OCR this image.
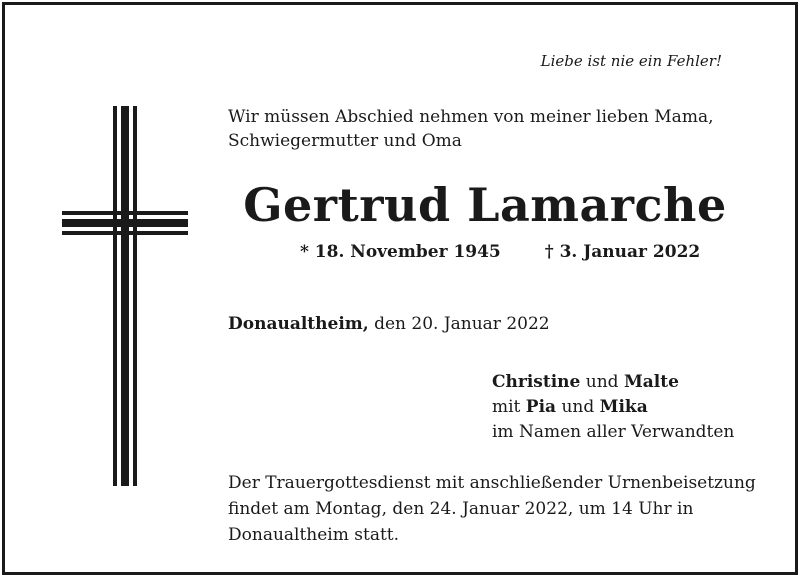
Liebe ist nie ein Fehler!
Wir müssen Abschied nehmen von meiner lieben Mama,
Schwiegermutter und Oma
Gertrud Lamarche
* 18. November 1945	† 3. Januar 2022
Donaualtheim, den 20. Januar 2022
Christine und Malte
mit Pia und Mika
im Namen aller Verwandten
Der Trauergottesdienst mit anschließender Urnenbeisetzung
findet am Montag, den 24. Januar 2022, um 14 Uhr in
Donaualtheim statt.
